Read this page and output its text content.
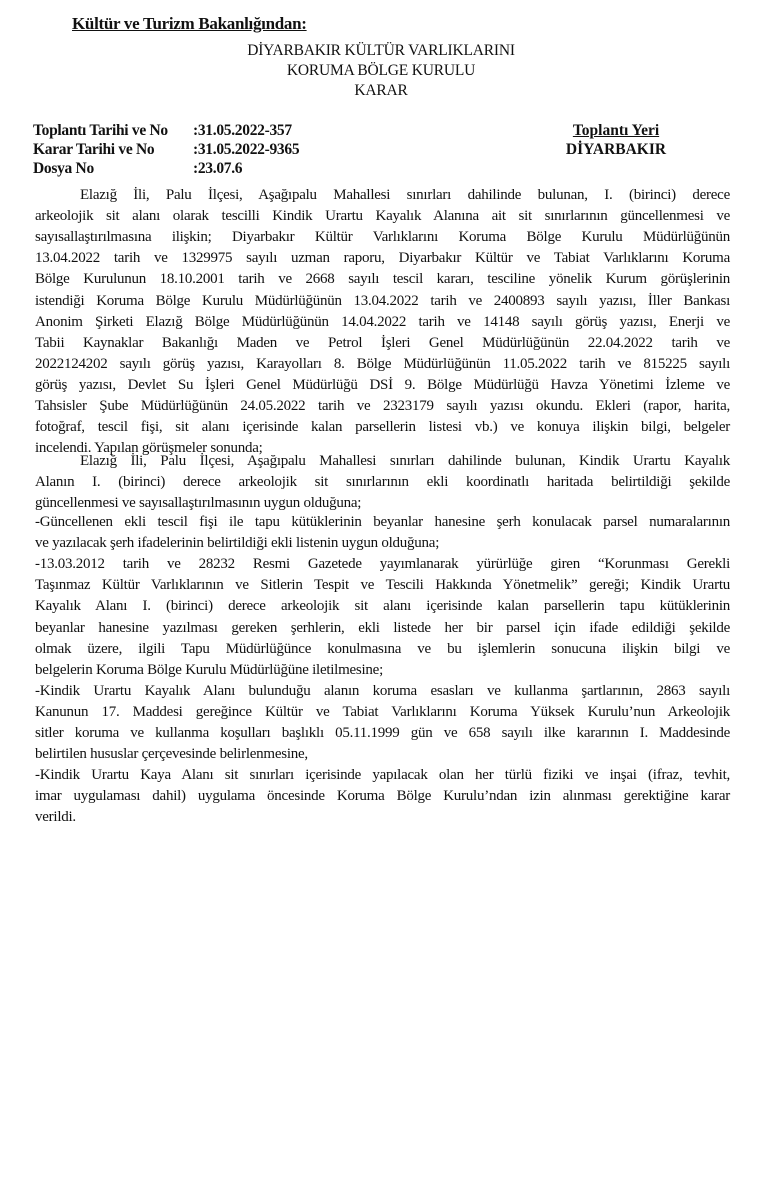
Kültür ve Turizm Bakanlığından:
DİYARBAKIR KÜLTÜR VARLIKLARINI
KORUMA BÖLGE KURULU
KARAR
Toplantı Tarihi ve No :31.05.2022-357
Karar Tarihi ve No :31.05.2022-9365
Dosya No	:23.07.6
Toplantı Yeri
DİYARBAKIR
Elazığ İli, Palu İlçesi, Aşağıpalu Mahallesi sınırları dahilinde bulunan, I. (birinci) derece
arkeolojik sit alanı olarak tescilli Kindik Urartu Kayalık Alanına ait sit sınırlarının güncellenmesi ve
sayısallaştırılmasına ilişkin; Diyarbakır Kültür Varlıklarını Koruma Bölge Kurulu Müdürlüğünün
13.04.2022 tarih ve 1329975 sayılı uzman raporu, Diyarbakır Kültür ve Tabiat Varlıklarını Koruma
Bölge Kurulunun 18.10.2001 tarih ve 2668 sayılı tescil kararı, tesciline yönelik Kurum görüşlerinin
istendiği Koruma Bölge Kurulu Müdürlüğünün 13.04.2022 tarih ve 2400893 sayılı yazısı, İller Bankası
Anonim Şirketi Elazığ Bölge Müdürlüğünün 14.04.2022 tarih ve 14148 sayılı görüş yazısı, Enerji ve
Tabii Kaynaklar Bakanlığı Maden ve Petrol İşleri Genel Müdürlüğünün 22.04.2022 tarih ve
2022124202 sayılı görüş yazısı, Karayolları 8. Bölge Müdürlüğünün 11.05.2022 tarih ve 815225 sayılı
görüş yazısı, Devlet Su İşleri Genel Müdürlüğü DSİ 9. Bölge Müdürlüğü Havza Yönetimi İzleme ve
Tahsisler Şube Müdürlüğünün 24.05.2022 tarih ve 2323179 sayılı yazısı okundu. Ekleri (rapor, harita,
fotoğraf, tescil fişi, sit alanı içerisinde kalan parsellerin listesi vb.) ve konuya ilişkin bilgi, belgeler
incelendi. Yapılan görüşmeler sonunda;
Elazığ İli, Palu İlçesi, Aşağıpalu Mahallesi sınırları dahilinde bulunan, Kindik Urartu Kayalık
Alanın I. (birinci) derece arkeolojik sit sınırlarının ekli koordinatlı haritada belirtildiği şekilde
güncellenmesi ve sayısallaştırılmasının uygun olduğuna;
-Güncellenen ekli tescil fişi ile tapu kütüklerinin beyanlar hanesine şerh konulacak parsel numaralarının
ve yazılacak şerh ifadelerinin belirtildiği ekli listenin uygun olduğuna;
-13.03.2012 tarih ve 28232 Resmi Gazetede yayımlanarak yürürlüğe giren “Korunması Gerekli
Taşınmaz Kültür Varlıklarının ve Sitlerin Tespit ve Tescili Hakkında Yönetmelik” gereği; Kindik Urartu
Kayalık Alanı I. (birinci) derece arkeolojik sit alanı içerisinde kalan parsellerin tapu kütüklerinin
beyanlar hanesine yazılması gereken şerhlerin, ekli listede her bir parsel için ifade edildiği şekilde
olmak üzere, ilgili Tapu Müdürlüğünce konulmasına ve bu işlemlerin sonucuna ilişkin bilgi ve
belgelerin Koruma Bölge Kurulu Müdürlüğüne iletilmesine;
-Kindik Urartu Kayalık Alanı bulunduğu alanın koruma esasları ve kullanma şartlarının, 2863 sayılı
Kanunun 17. Maddesi gereğince Kültür ve Tabiat Varlıklarını Koruma Yüksek Kurulu’nun Arkeolojik
sitler koruma ve kullanma koşulları başlıklı 05.11.1999 gün ve 658 sayılı ilke kararının I. Maddesinde
belirtilen hususlar çerçevesinde belirlenmesine,
-Kindik Urartu Kaya Alanı sit sınırları içerisinde yapılacak olan her türlü fiziki ve inşai (ifraz, tevhit,
imar uygulaması dahil) uygulama öncesinde Koruma Bölge Kurulu’ndan izin alınması gerektiğine karar
verildi.
